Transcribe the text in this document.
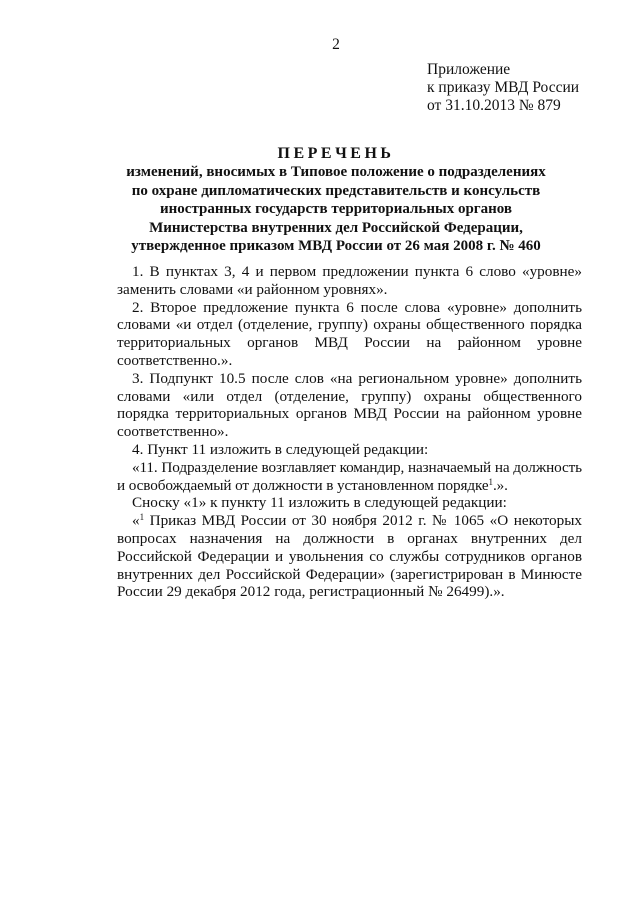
2
Приложение
к приказу МВД России
от 31.10.2013 № 879
ПЕРЕЧЕНЬ
изменений, вносимых в Типовое положение о подразделениях
по охране дипломатических представительств и консульств
иностранных государств территориальных органов
Министерства внутренних дел Российской Федерации,
утвержденное приказом МВД России от 26 мая 2008 г. № 460

1. В пунктах 3, 4 и первом предложении пункта 6 слово «уровне» заменить словами «и районном уровнях».

2. Второе предложение пункта 6 после слова «уровне» дополнить словами «и отдел (отделение, группу) охраны общественного порядка территориальных органов МВД России на районном уровне соответственно.».

3. Подпункт 10.5 после слов «на региональном уровне» дополнить словами «или отдел (отделение, группу) охраны общественного порядка территориальных органов МВД России на районном уровне соответственно».

4. Пункт 11 изложить в следующей редакции:

«11. Подразделение возглавляет командир, назначаемый на должность и освобождаемый от должности в установленном порядке$^1$.».

Сноску «1» к пункту 11 изложить в следующей редакции:

«$^1$ Приказ МВД России от 30 ноября 2012 г. № 1065 «О некоторых вопросах назначения на должности в органах внутренних дел Российской Федерации и увольнения со службы сотрудников органов внутренних дел Российской Федерации» (зарегистрирован в Минюсте России 29 декабря 2012 года, регистрационный № 26499).».
